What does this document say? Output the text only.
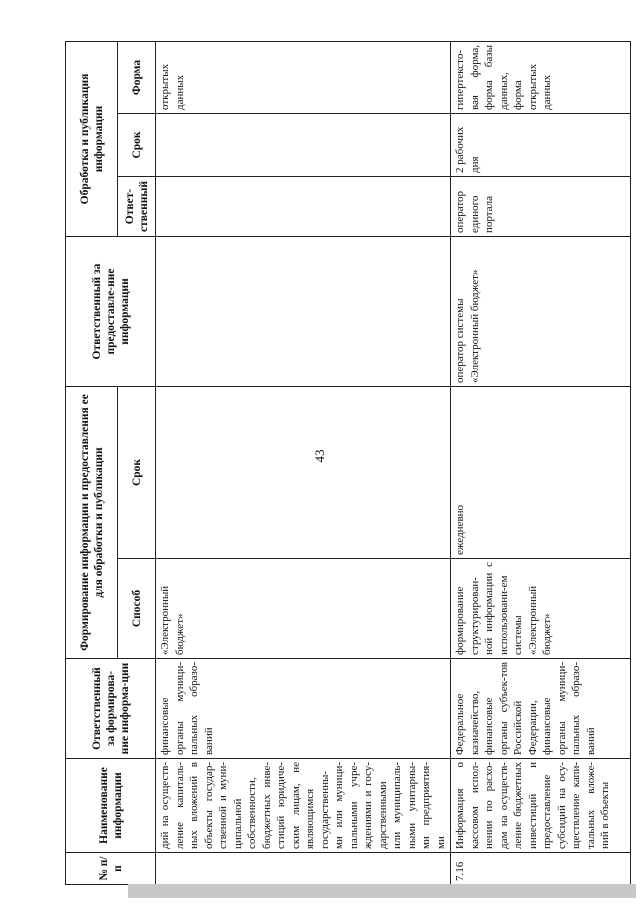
43
№ п/п	Наименование информации	Ответственный за формирова-ние информа-ции	Формирование информации и предоставления ее для обработки и публикации		Ответственный за предоставле-ние информации	Обработка и публикация информации		
			Способ	Срок		Ответ-ственный	Срок	Форма
	дий на осуществ-ление капиталь-ных вложений в объекты государ-ственной и муни-ципальной собственности, бюджетных инве-стиций юридиче-ским лицам, не являющимся государственны-ми или муници-пальными учре-ждениями и госу-дарственными или муниципаль-ными унитарны-ми предприятия-ми	финансовые органы муници-пальных образо-ваний	«Электронный бюджет»					открытых данных
7.16	Информация о кассовом испол-нении по расхо-дам на осуществ-ление бюджетных инвестиций и предоставление субсидий на осу-ществление капи-тальных вложе-ний в объекты	Федеральное казначейство, финансовые органы субъек-тов Российской Федерации, финансовые органы муници-пальных образо-ваний	формирование структурирован-ной информации с использовани-ем системы «Электронный бюджет»	ежедневно	оператор системы «Электронный бюджет»	оператор единого портала	2 рабочих дня	гипертексто-вая форма, форма базы данных, форма открытых данных
